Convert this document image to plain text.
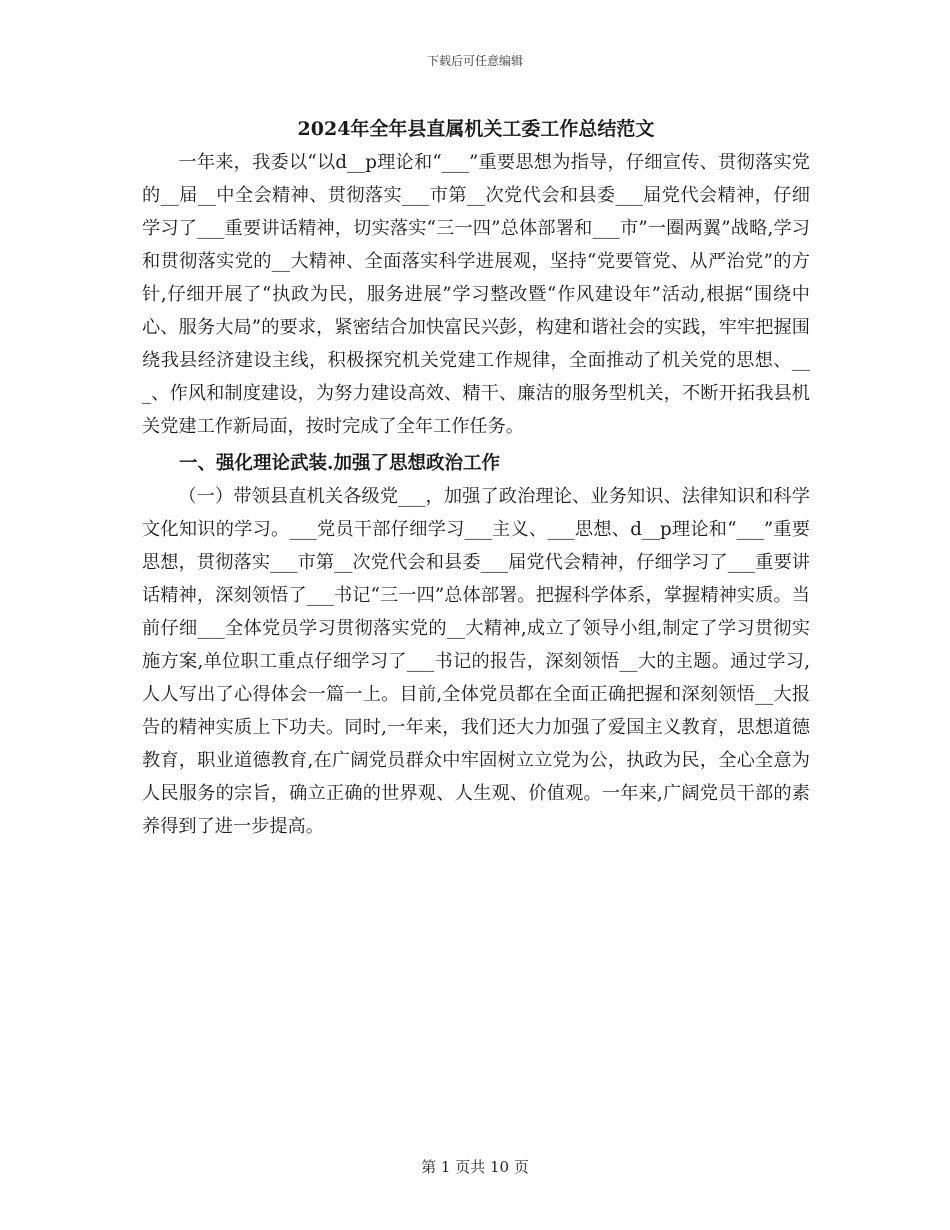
下载后可任意编辑
2024年全年县直属机关工委工作总结范文

一年来，我委以“以d__p理论和“___”重要思想为指导，仔细宣传、贯彻落实党的__届__中全会精神、贯彻落实___市第__次党代会和县委___届党代会精神，仔细学习了___重要讲话精神，切实落实“三一四”总体部署和___市”一圈两翼”战略,学习和贯彻落实党的__大精神、全面落实科学进展观，坚持“党要管党、从严治党”的方针,仔细开展了“执政为民，服务进展”学习整改暨“作风建设年”活动,根据“围绕中心、服务大局”的要求，紧密结合加快富民兴彭，构建和谐社会的实践，牢牢把握围绕我县经济建设主线，积极探究机关党建工作规律，全面推动了机关党的思想、___、作风和制度建设，为努力建设高效、精干、廉洁的服务型机关，不断开拓我县机关党建工作新局面，按时完成了全年工作任务。

一、强化理论武装.加强了思想政治工作

（一）带领县直机关各级党___，加强了政治理论、业务知识、法律知识和科学文化知识的学习。___党员干部仔细学习___主义、___思想、d__p理论和“___”重要思想，贯彻落实___市第__次党代会和县委___届党代会精神，仔细学习了___重要讲话精神，深刻领悟了___书记“三一四”总体部署。把握科学体系，掌握精神实质。当前仔细___全体党员学习贯彻落实党的__大精神,成立了领导小组,制定了学习贯彻实施方案,单位职工重点仔细学习了___书记的报告，深刻领悟__大的主题。通过学习,人人写出了心得体会一篇一上。目前,全体党员都在全面正确把握和深刻领悟__大报告的精神实质上下功夫。同时,一年来，我们还大力加强了爱国主义教育，思想道德教育，职业道德教育,在广阔党员群众中牢固树立立党为公，执政为民，全心全意为人民服务的宗旨，确立正确的世界观、人生观、价值观。一年来,广阔党员干部的素养得到了进一步提高。

第 1 页共 10 页
